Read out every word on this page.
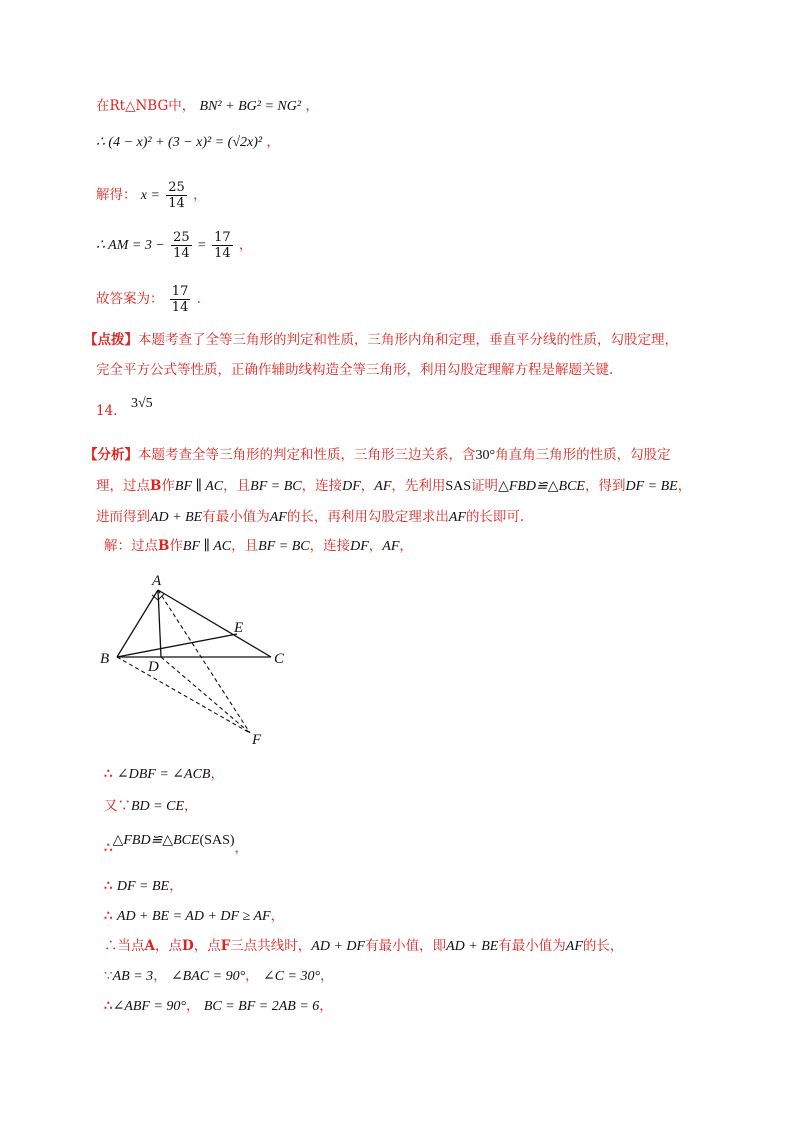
在Rt△NBG中， BN² + BG² = NG² ，
∴ (4 − x)² + (3 − x)² = (√2x)² ，
解得： $x = \frac{25}{14}$ ，
∴ AM = $3 - \frac{25}{14} = \frac{17}{14}$ ，
故答案为： $\frac{17}{14}$ .
【点拨】本题考查了全等三角形的判定和性质，三角形内角和定理，垂直平分线的性质，勾股定理，
完全平方公式等性质，正确作辅助线构造全等三角形，利用勾股定理解方程是解题关键.
14． 3√5
【分析】本题考查全等三角形的判定和性质，三角形三边关系，含30°角直角三角形的性质，勾股定
理，过点B作BF ∥ AC，且BF = BC，连接DF，AF，先利用SAS证明△FBD≌△BCE，得到DF = BE，
进而得到AD + BE有最小值为AF的长，再利用勾股定理求出AF的长即可.
解：过点B作BF ∥ AC，且BF = BC，连接DF，AF，
A
B	C
D
E
F
∴ ∠DBF = ∠ACB，
又∵BD = CE，
∴△FBD≌△BCE(SAS)，
∴ DF = BE，
∴ AD + BE = AD + DF ≥ AF，
∴当点A，点D，点F三点共线时，AD + DF有最小值，即AD + BE有最小值为AF的长，
∵AB = 3， ∠BAC = 90°， ∠C = 30°，
∴∠ABF = 90°， BC = BF = 2AB = 6，
